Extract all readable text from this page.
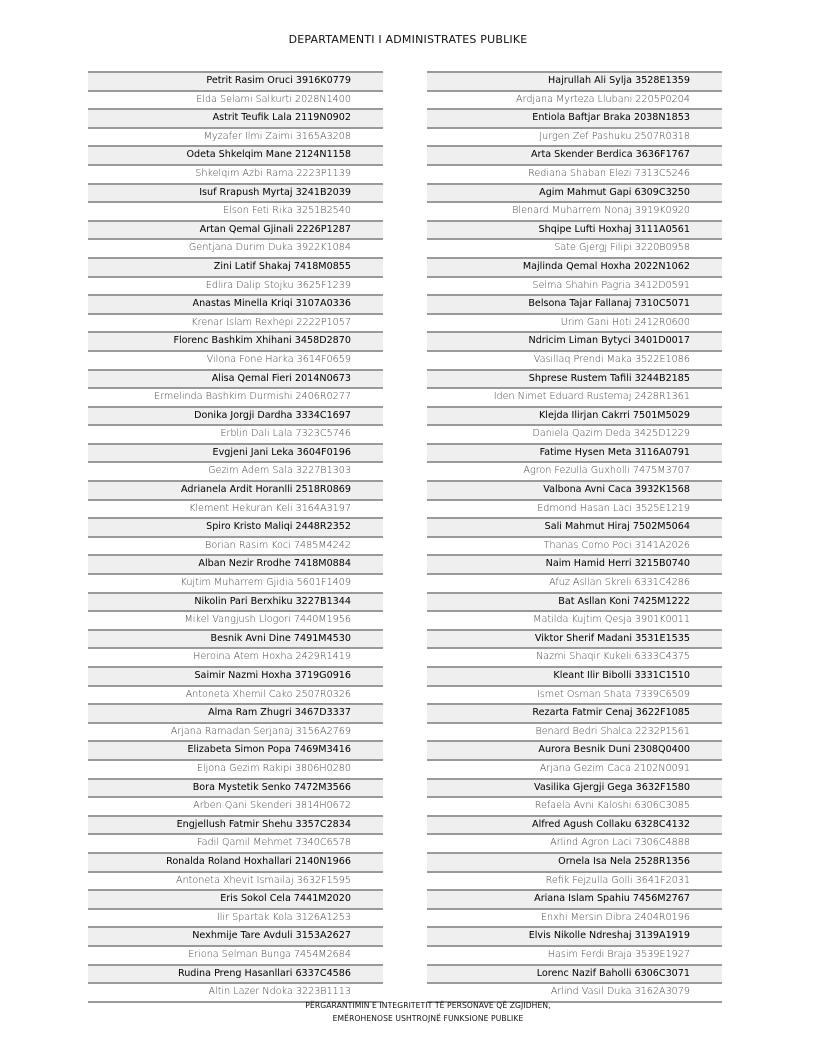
DEPARTAMENTI I ADMINISTRATES PUBLIKE
Petrit Rasim Oruci 3916K0779
Elda Selami Salkurti 2028N1400
Astrit Teufik Lala 2119N0902
Myzafer Ilmi Zaimi 3165A3208
Odeta Shkelqim Mane 2124N1158
Shkelqim Azbi Rama 2223P1139
Isuf Rrapush Myrtaj 3241B2039
Elson Feti Rika 3251B2540
Artan Qemal Gjinali 2226P1287
Gentjana Durim Duka 3922K1084
Zini Latif Shakaj 7418M0855
Edlira Dalip Stojku 3625F1239
Anastas Minella Kriqi 3107A0336
Krenar Islam Rexhepi 2222P1057
Florenc Bashkim Xhihani 3458D2870
Vilona Fone Harka 3614F0659
Alisa Qemal Fieri 2014N0673
Ermelinda Bashkim Durmishi 2406R0277
Donika Jorgji Dardha 3334C1697
Erblin Dali Lala 7323C5746
Evgjeni Jani Leka 3604F0196
Gezim Adem Sala 3227B1303
Adrianela Ardit Horanlli 2518R0869
Klement Hekuran Keli 3164A3197
Spiro Kristo Maliqi 2448R2352
Borian Rasim Koci 7485M4242
Alban Nezir Rrodhe 7418M0884
Kujtim Muharrem Gjidia 5601F1409
Nikolin Pari Berxhiku 3227B1344
Mikel Vangjush Llogori 7440M1956
Besnik Avni Dine 7491M4530
Heroina Atem Hoxha 2429R1419
Saimir Nazmi Hoxha 3719G0916
Antoneta Xhemil Cako 2507R0326
Alma Ram Zhugri 3467D3337
Arjana Ramadan Serjanaj 3156A2769
Elizabeta Simon Popa 7469M3416
Eljona Gezim Rakipi 3806H0280
Bora Mystetik Senko 7472M3566
Arben Qani Skenderi 3814H0672
Engjellush Fatmir Shehu 3357C2834
Fadil Qamil Mehmet 7340C6578
Ronalda Roland Hoxhallari 2140N1966
Antoneta Xhevit Ismailaj 3632F1595
Eris Sokol Cela 7441M2020
Ilir Spartak Kola 3126A1253
Nexhmije Tare Avduli 3153A2627
Eriona Selman Bunga 7454M2684
Rudina Preng Hasanllari 6337C4586
Altin Lazer Ndoka 3223B1113
Hajrullah Ali Sylja 3528E1359
Ardjana Myrteza Llubani 2205P0204
Entiola Baftjar Braka 2038N1853
Jurgen Zef Pashuku 2507R0318
Arta Skender Berdica 3636F1767
Rediana Shaban Elezi 7313C5246
Agim Mahmut Gapi 6309C3250
Blenard Muharrem Nonaj 3919K0920
Shqipe Lufti Hoxhaj 3111A0561
Sate Gjergj Filipi 3220B0958
Majlinda Qemal Hoxha 2022N1062
Selma Shahin Pagria 3412D0591
Belsona Tajar Fallanaj 7310C5071
Urim Gani Hoti 2412R0600
Ndricim Liman Bytyci 3401D0017
Vasillaq Prendi Maka 3522E1086
Shprese Rustem Tafili 3244B2185
Iden Nimet Eduard Rustemaj 2428R1361
Klejda Ilirjan Cakrri 7501M5029
Daniela Qazim Deda 3425D1229
Fatime Hysen Meta 3116A0791
Agron Fezulla Guxholli 7475M3707
Valbona Avni Caca 3932K1568
Edmond Hasan Laci 3525E1219
Sali Mahmut Hiraj 7502M5064
Thanas Como Poci 3141A2026
Naim Hamid Herri 3215B0740
Afuz Asllan Skreli 6331C4286
Bat Asllan Koni 7425M1222
Matilda Kujtim Qesja 3901K0011
Viktor Sherif Madani 3531E1535
Nazmi Shaqir Kukeli 6333C4375
Kleant Ilir Bibolli 3331C1510
Ismet Osman Shata 7339C6509
Rezarta Fatmir Cenaj 3622F1085
Benard Bedri Shalca 2232P1561
Aurora Besnik Duni 2308Q0400
Arjana Gezim Caca 2102N0091
Vasilika Gjergji Gega 3632F1580
Refaela Avni Kaloshi 6306C3085
Alfred Agush Collaku 6328C4132
Arlind Agron Laci 7306C4888
Ornela Isa Nela 2528R1356
Refik Fejzulla Golli 3641F2031
Ariana Islam Spahiu 7456M2767
Enxhi Mersin Dibra 2404R0196
Elvis Nikolle Ndreshaj 3139A1919
Hasim Ferdi Braja 3539E1927
Lorenc Nazif Baholli 6306C3071
Arlind Vasil Duka 3162A3079
PËRGARANTIMIN E INTEGRITETIT TË PERSONAVE QË ZGJIDHEN,
EMËROHENOSE USHTROJNË FUNKSIONE PUBLIKE
